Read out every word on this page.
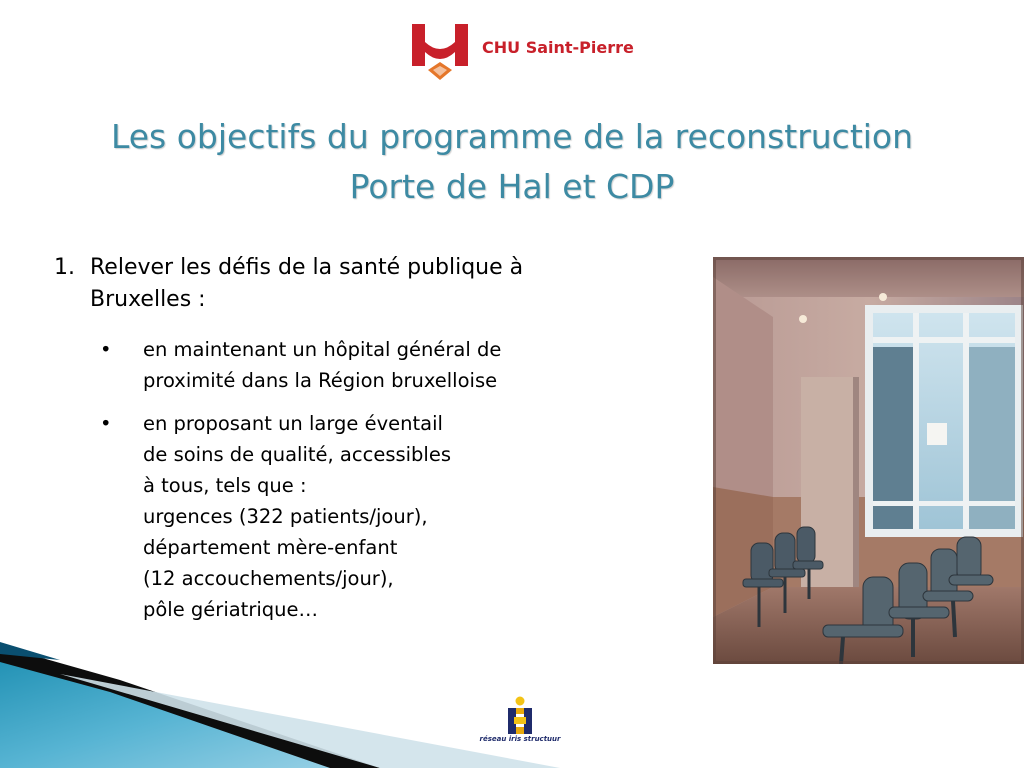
CHU Saint-Pierre
Les objectifs du programme de la reconstruction
Porte de Hal et CDP
1. Relever les défis de la santé publique à
Bruxelles :
• en maintenant un hôpital général de
proximité dans la Région bruxelloise
• en proposant un large éventail
de soins de qualité, accessibles
à tous, tels que :
urgences (322 patients/jour),
département mère-enfant
(12 accouchements/jour),
pôle gériatrique…
réseau iris structuur
